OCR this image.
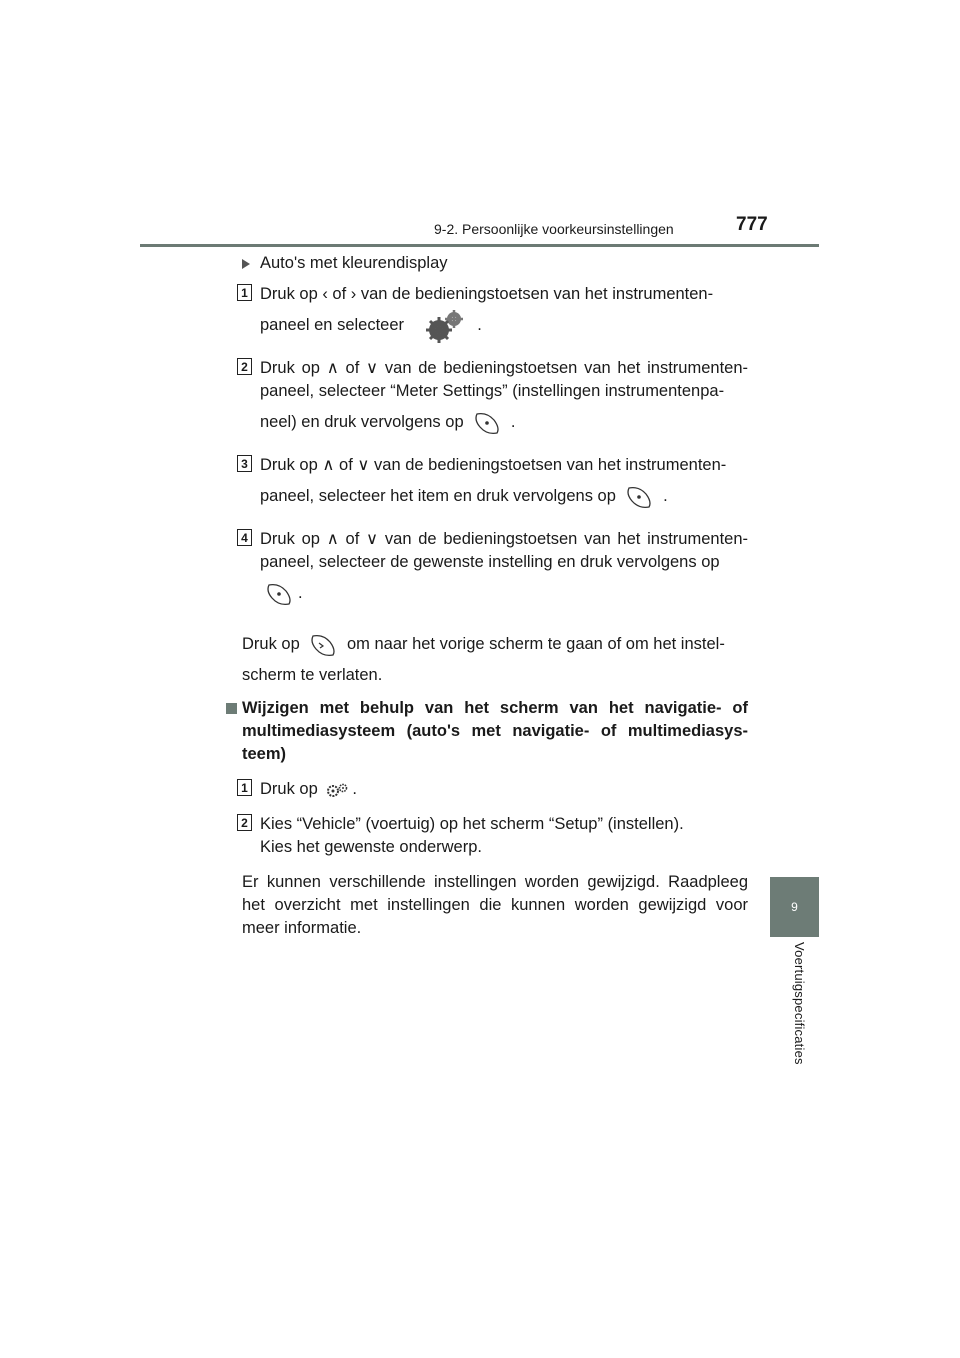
9-2. Persoonlijke voorkeursinstellingen	777
9
Voertuigspecificaties
Auto's met kleurendisplay
1 Druk op ‹ of › van de bedieningstoetsen van het instrumenten-

paneel en selecteer	.

2 Druk op ∧ of ∨ van de bedieningstoetsen van het instrumenten-paneel, selecteer “Meter Settings” (instellingen instrumentenpa-

neel) en druk vervolgens op	.

3 Druk op ∧ of ∨ van de bedieningstoetsen van het instrumenten-

paneel, selecteer het item en druk vervolgens op	.

4 Druk op ∧ of ∨ van de bedieningstoetsen van het instrumenten-paneel, selecteer de gewenste instelling en druk vervolgens op

.

Druk op	om naar het vorige scherm te gaan of om het instel-

scherm te verlaten.

Wijzigen met behulp van het scherm van het navigatie- of multimediasysteem (auto's met navigatie- of multimediasys-teem)
1 Druk op .

2 Kies “Vehicle” (voertuig) op het scherm “Setup” (instellen).

Kies het gewenste onderwerp.

Er kunnen verschillende instellingen worden gewijzigd. Raadpleeg het overzicht met instellingen die kunnen worden gewijzigd voor meer informatie.
